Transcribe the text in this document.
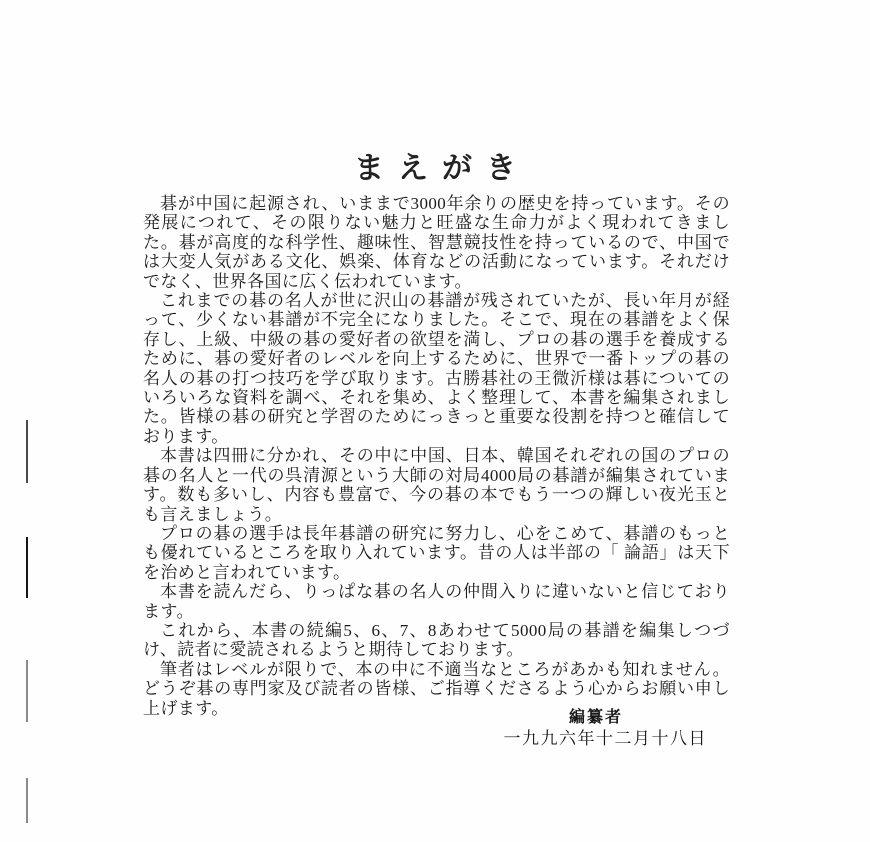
まえがき

碁が中国に起源され、いままで3000年余りの歴史を持っています。その発展につれて、その限りない魅力と旺盛な生命力がよく現われてきました。碁が高度的な科学性、趣味性、智慧競技性を持っているので、中国では大変人気がある文化、娯楽、体育などの活動になっています。それだけでなく、世界各国に広く伝われています。

これまでの碁の名人が世に沢山の碁譜が残されていたが、長い年月が経って、少くない碁譜が不完全になりました。そこで、現在の碁譜をよく保存し、上級、中級の碁の愛好者の欲望を満し、プロの碁の選手を養成するために、碁の愛好者のレベルを向上するために、世界で一番トップの碁の名人の碁の打つ技巧を学び取ります。古勝碁社の王微沂様は碁についてのいろいろな資料を調べ、それを集め、よく整理して、本書を編集されました。皆様の碁の研究と学習のためにっきっと重要な役割を持つと確信しております。

本書は四冊に分かれ、その中に中国、日本、韓国それぞれの国のプロの碁の名人と一代の呉清源という大師の対局4000局の碁譜が編集されています。数も多いし、内容も豊富で、今の碁の本でもう一つの輝しい夜光玉とも言えましょう。

プロの碁の選手は長年碁譜の研究に努力し、心をこめて、碁譜のもっとも優れているところを取り入れています。昔の人は半部の「 論語」は天下を治めと言われています。

本書を読んだら、りっぱな碁の名人の仲間入りに違いないと信じております。

これから、本書の続編5、6、7、8あわせて5000局の碁譜を編集しつづけ、読者に愛読されるようと期待しております。

筆者はレベルが限りで、本の中に不適当なところがあかも知れません。どうぞ碁の専門家及び読者の皆様、ご指導くださるよう心からお願い申し上げます。	編纂者
一九九六年十二月十八日
